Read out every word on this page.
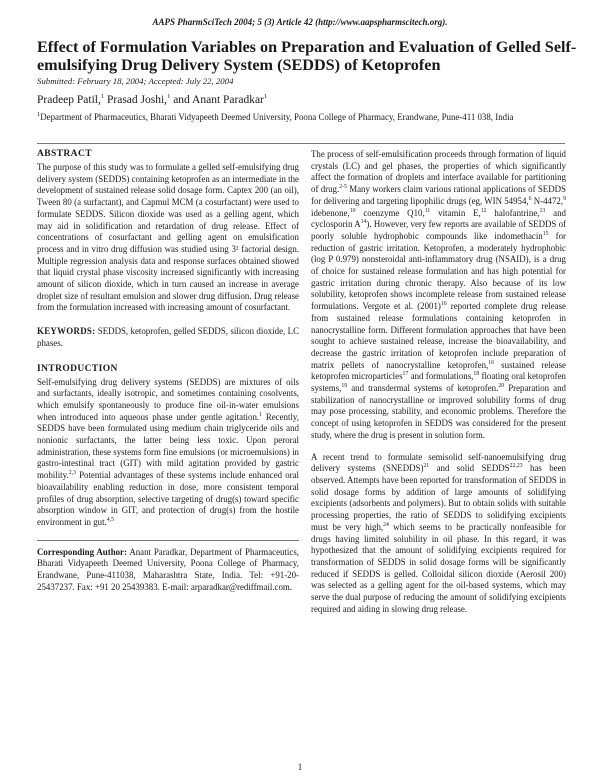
AAPS PharmSciTech 2004; 5 (3) Article 42 (http://www.aapspharmscitech.org).
Effect of Formulation Variables on Preparation and Evaluation of Gelled Self-emulsifying Drug Delivery System (SEDDS) of Ketoprofen
Submitted: February 18, 2004; Accepted: July 22, 2004
Pradeep Patil,$^1$ Prasad Joshi,$^1$ and Anant Paradkar$^1$
$^1$Department of Pharmaceutics, Bharati Vidyapeeth Deemed University, Poona College of Pharmacy, Erandwane, Pune-411 038, India
ABSTRACT

The purpose of this study was to formulate a gelled self-emulsifying drug delivery system (SEDDS) containing ketoprofen as an intermediate in the development of sustained release solid dosage form. Captex 200 (an oil), Tween 80 (a surfactant), and Capmul MCM (a cosurfactant) were used to formulate SEDDS. Silicon dioxide was used as a gelling agent, which may aid in solidification and retardation of drug release. Effect of concentrations of cosurfactant and gelling agent on emulsification process and in vitro drug diffusion was studied using 3² factorial design. Multiple regression analysis data and response surfaces obtained showed that liquid crystal phase viscosity increased significantly with increasing amount of silicon dioxide, which in turn caused an increase in average droplet size of resultant emulsion and slower drug diffusion. Drug release from the formulation increased with increasing amount of cosurfactant.

KEYWORDS: SEDDS, ketoprofen, gelled SEDDS, silicon dioxide, LC phases.

INTRODUCTION

Self-emulsifying drug delivery systems (SEDDS) are mixtures of oils and surfactants, ideally isotropic, and sometimes containing cosolvents, which emulsify spontaneously to produce fine oil-in-water emulsions when introduced into aqueous phase under gentle agitation.$^1$ Recently, SEDDS have been formulated using medium chain triglyceride oils and nonionic surfactants, the latter being less toxic. Upon peroral administration, these systems form fine emulsions (or microemulsions) in gastro-intestinal tract (GIT) with mild agitation provided by gastric mobility.$^{2,3}$ Potential advantages of these systems include enhanced oral bioavailability enabling reduction in dose, more consistent temporal profiles of drug absorption, selective targeting of drug(s) toward specific absorption window in GIT, and protection of drug(s) from the hostile environment in gut.$^{4,5}$

Corresponding Author: Anant Paradkar, Department of Pharmaceutics, Bharati Vidyapeeth Deemed University, Poona College of Pharmacy, Erandwane, Pune-411038, Maharashtra State, India. Tel: +91-20-25437237. Fax: +91 20 25439383. E-mail: arparadkar@rediffmail.com.

The process of self-emulsification proceeds through formation of liquid crystals (LC) and gel phases, the properties of which significantly affect the formation of droplets and interface available for partitioning of drug.$^{2-5}$ Many workers claim various rational applications of SEDDS for delivering and targeting lipophilic drugs (eg, WIN 54954,$^6$ N-4472,$^9$ idebenone,$^{10}$ coenzyme Q10,11 vitamin E,$^{12}$ halofantrine,$^{13}$ and cyclosporin $A^{14}$). However, very few reports are available of SEDDS of poorly soluble hydrophobic compounds like indomethacin$^{15}$ for reduction of gastric irritation. Ketoprofen, a moderately hydrophobic (log P 0.979) nonsteroidal anti-inflammatory drug (NSAID), is a drug of choice for sustained release formulation and has high potential for gastric irritation during chronic therapy. Also because of its low solubility, ketoprofen shows incomplete release from sustained release formulations. Vergote et al. $(2001)^{16}$ reported complete drug release from sustained release formulations containing ketoprofen in nanocrystalline form. Different formulation approaches that have been sought to achieve sustained release, increase the bioavailability, and decrease the gastric irritation of ketoprofen include preparation of matrix pellets of nanocrystalline ketoprofen,$^{16}$ sustained release ketoprofen microparticles$^{17}$ and formulations,$^{18}$ floating oral ketoprofen systems,$^{19}$ and transdermal systems of ketoprofen.$^{20}$ Preparation and stabilization of nanocrystalline or improved solubility forms of drug may pose processing, stability, and economic problems. Therefore the concept of using ketoprofen in SEDDS was considered for the present study, where the drug is present in solution form.

A recent trend to formulate semisolid self-nanoemulsifying drug delivery systems (SNEDDS)$^{21}$ and solid SEDDS$^{22,23}$ has been observed. Attempts have been reported for transformation of SEDDS in solid dosage forms by addition of large amounts of solidifying excipients (adsorbents and polymers). But to obtain solids with suitable processing properties, the ratio of SEDDS to solidifying excipients must be very high,$^{24}$ which seems to be practically nonfeasible for drugs having limited solubility in oil phase. In this regard, it was hypothesized that the amount of solidifying excipients required for transformation of SEDDS in solid dosage forms will be significantly reduced if SEDDS is gelled. Colloidal silicon dioxide (Aerosil 200) was selected as a gelling agent for the oil-based systems, which may serve the dual purpose of reducing the amount of solidifying excipients required and aiding in slowing drug release.

1
